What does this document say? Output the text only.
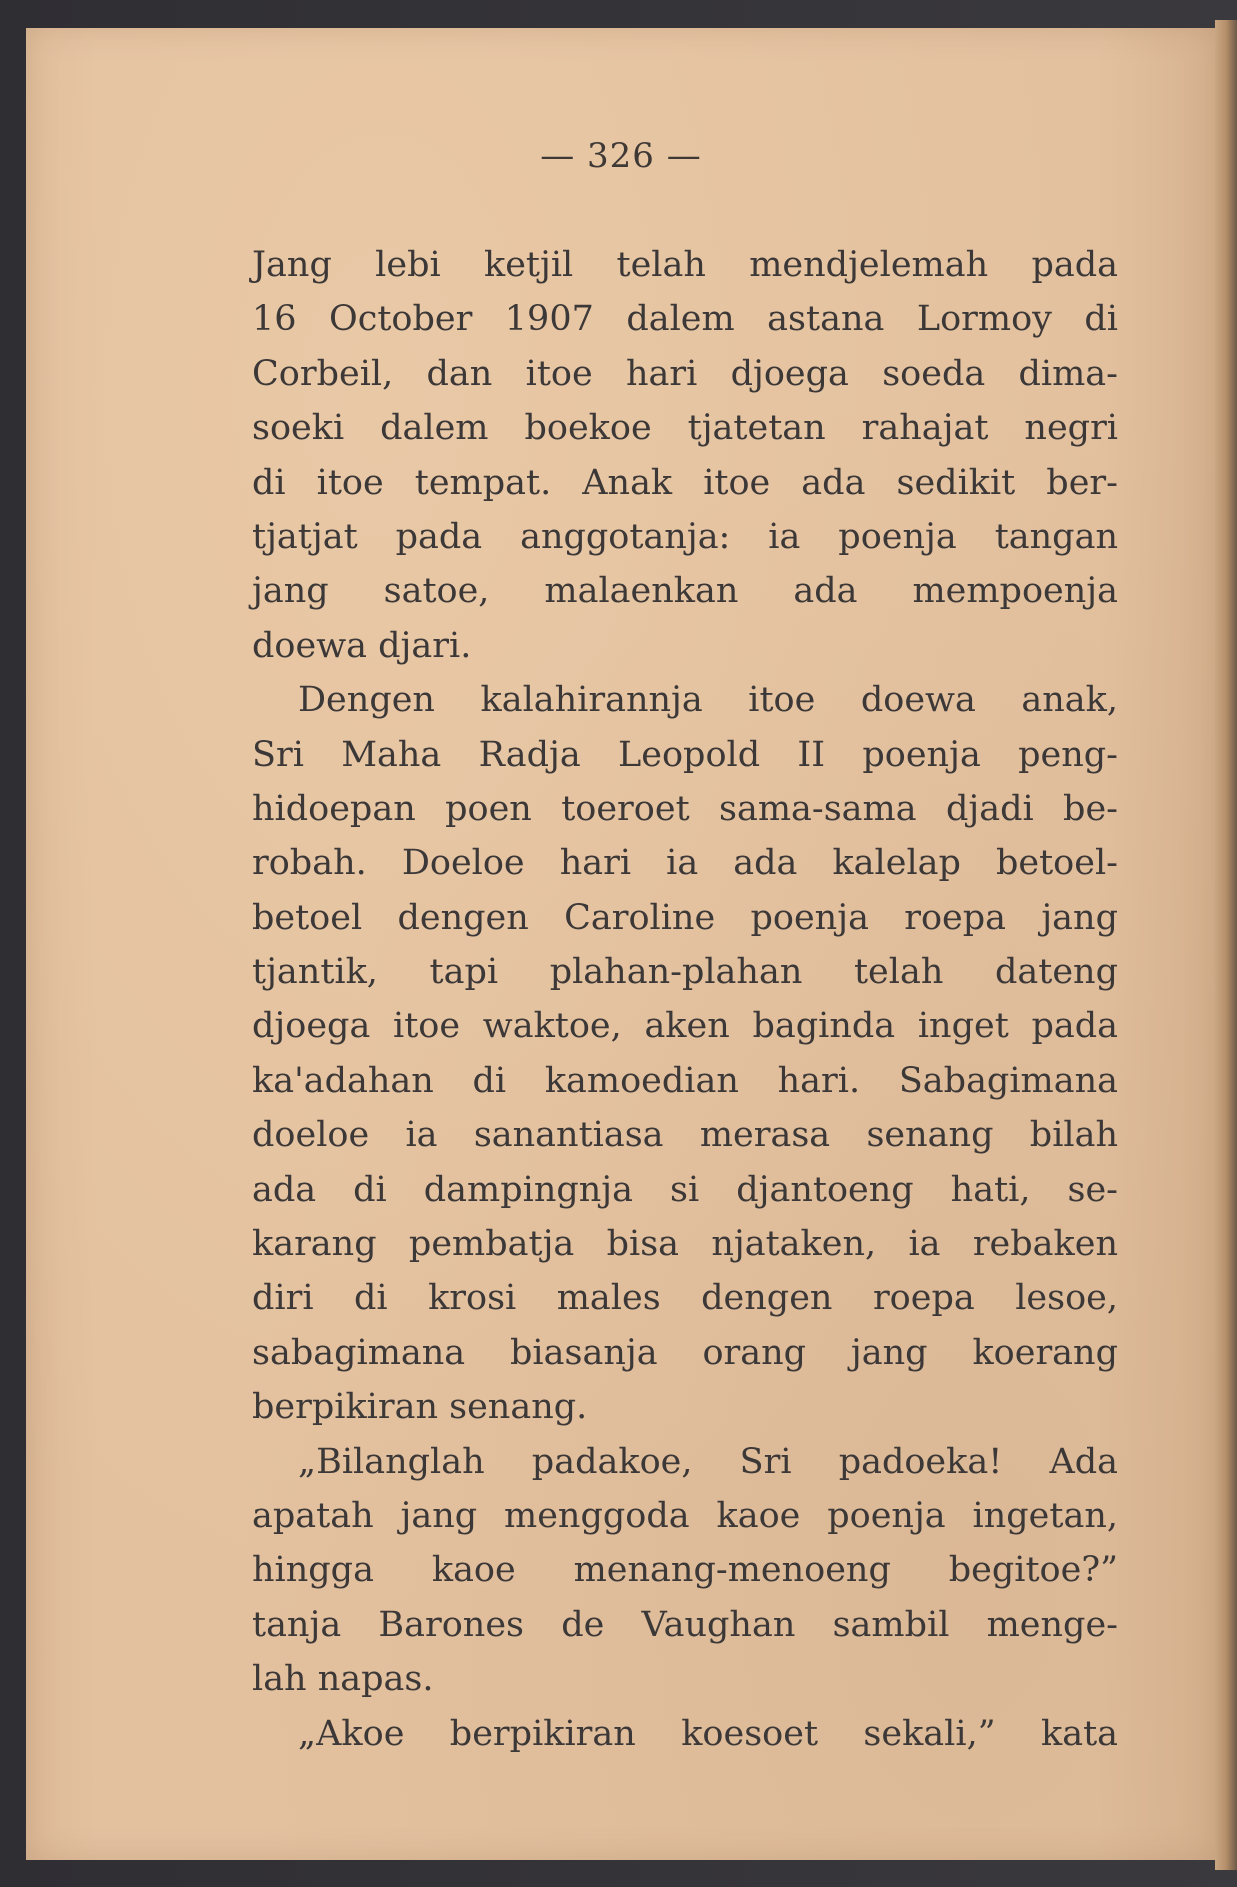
— 326 —
Jang lebi ketjil telah mendjelemah pada
16 October 1907 dalem astana Lormoy di
Corbeil, dan itoe hari djoega soeda dima-
soeki dalem boekoe tjatetan rahajat negri
di itoe tempat. Anak itoe ada sedikit ber-
tjatjat pada anggotanja: ia poenja tangan
jang satoe, malaenkan ada mempoenja
doewa djari.
Dengen kalahirannja itoe doewa anak,
Sri Maha Radja Leopold II poenja peng-
hidoepan poen toeroet sama-sama djadi be-
robah. Doeloe hari ia ada kalelap betoel-
betoel dengen Caroline poenja roepa jang
tjantik, tapi plahan-plahan telah dateng
djoega itoe waktoe, aken baginda inget pada
ka'adahan di kamoedian hari. Sabagimana
doeloe ia sanantiasa merasa senang bilah
ada di dampingnja si djantoeng hati, se-
karang pembatja bisa njataken, ia rebaken
diri di krosi males dengen roepa lesoe,
sabagimana biasanja orang jang koerang
berpikiran senang.
„Bilanglah padakoe, Sri padoeka! Ada
apatah jang menggoda kaoe poenja ingetan,
hingga kaoe menang-menoeng begitoe?”
tanja Barones de Vaughan sambil menge-
lah napas.
„Akoe berpikiran koesoet sekali,” kata
